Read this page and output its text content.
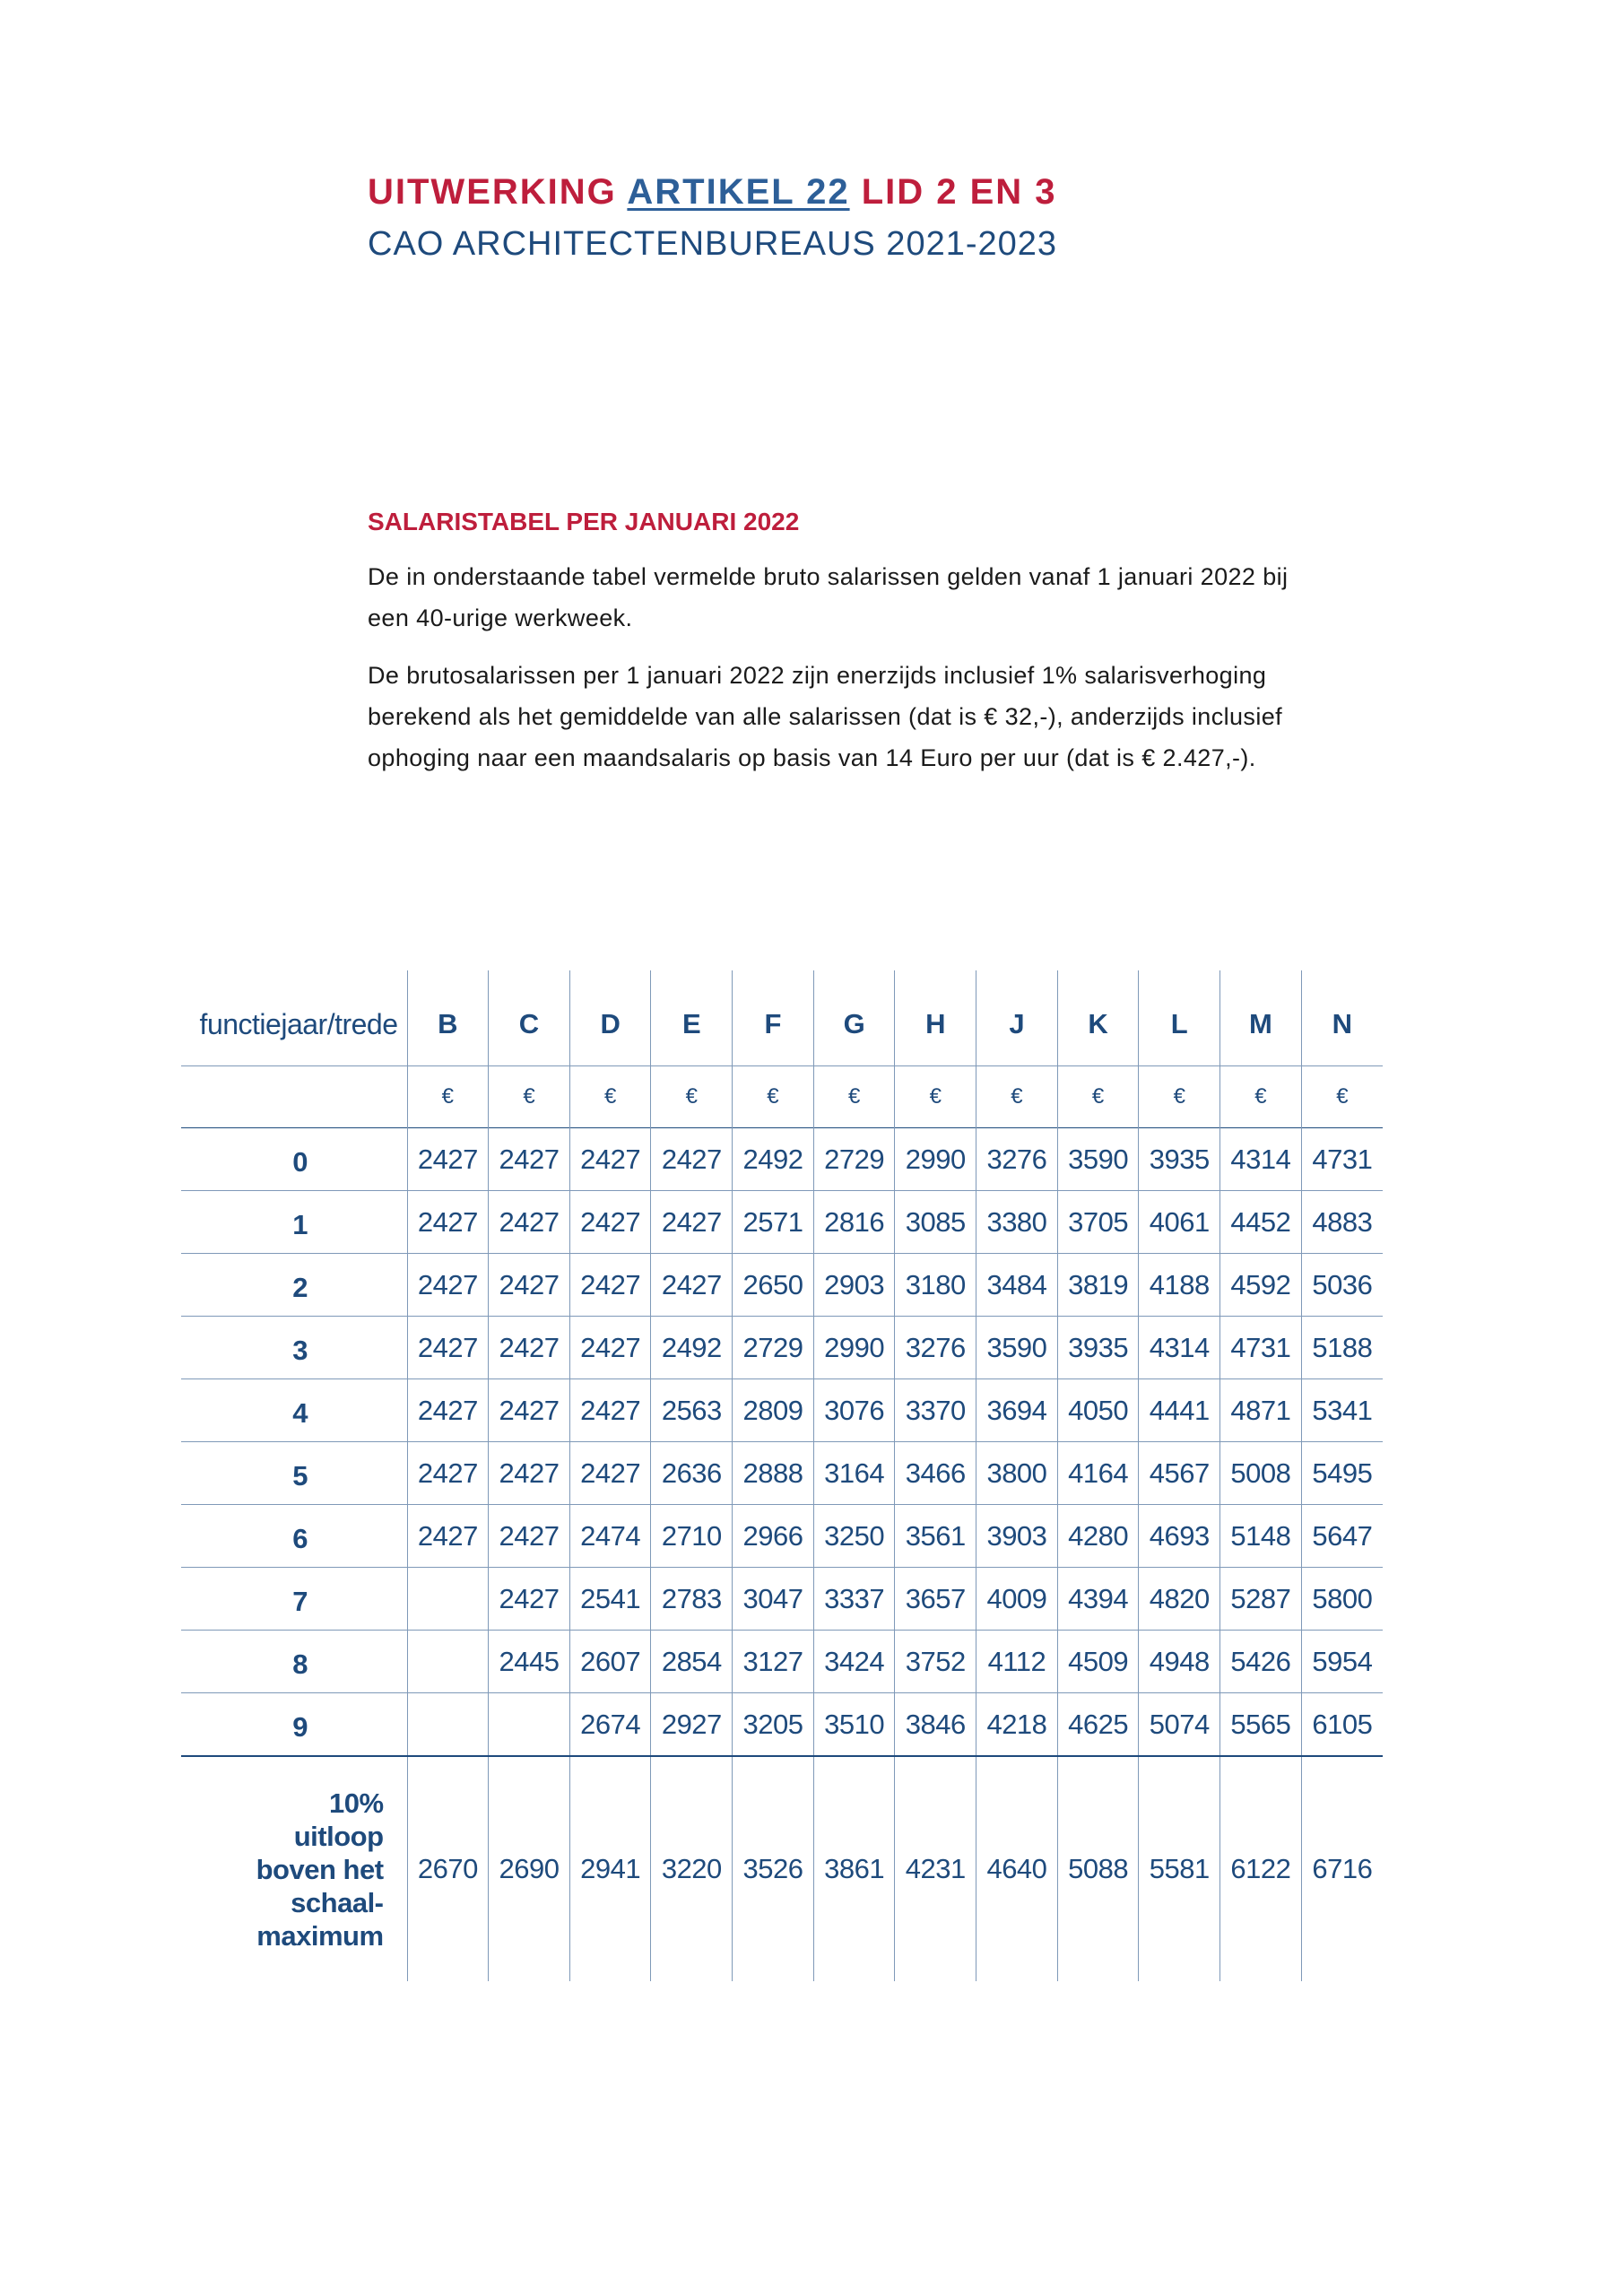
UITWERKING ARTIKEL 22 LID 2 EN 3
CAO ARCHITECTENBUREAUS 2021-2023
SALARISTABEL PER JANUARI 2022

De in onderstaande tabel vermelde bruto salarissen gelden vanaf 1 januari 2022 bij
een 40-urige werkweek.

De brutosalarissen per 1 januari 2022 zijn enerzijds inclusief 1% salarisverhoging
berekend als het gemiddelde van alle salarissen (dat is € 32,-), anderzijds inclusief
ophoging naar een maandsalaris op basis van 14 Euro per uur (dat is € 2.427,-).

functiejaar/trede	B	C	D	E	F	G	H	J	K	L	M	N
	€	€	€	€	€	€	€	€	€	€	€	€
0	2427	2427	2427	2427	2492	2729	2990	3276	3590	3935	4314	4731
1	2427	2427	2427	2427	2571	2816	3085	3380	3705	4061	4452	4883
2	2427	2427	2427	2427	2650	2903	3180	3484	3819	4188	4592	5036
3	2427	2427	2427	2492	2729	2990	3276	3590	3935	4314	4731	5188
4	2427	2427	2427	2563	2809	3076	3370	3694	4050	4441	4871	5341
5	2427	2427	2427	2636	2888	3164	3466	3800	4164	4567	5008	5495
6	2427	2427	2474	2710	2966	3250	3561	3903	4280	4693	5148	5647
7		2427	2541	2783	3047	3337	3657	4009	4394	4820	5287	5800
8		2445	2607	2854	3127	3424	3752	4112	4509	4948	5426	5954
9			2674	2927	3205	3510	3846	4218	4625	5074	5565	6105

10%
uitloop
boven het
schaal-
maximum	2670	2690	2941	3220	3526	3861	4231	4640	5088	5581	6122	6716
